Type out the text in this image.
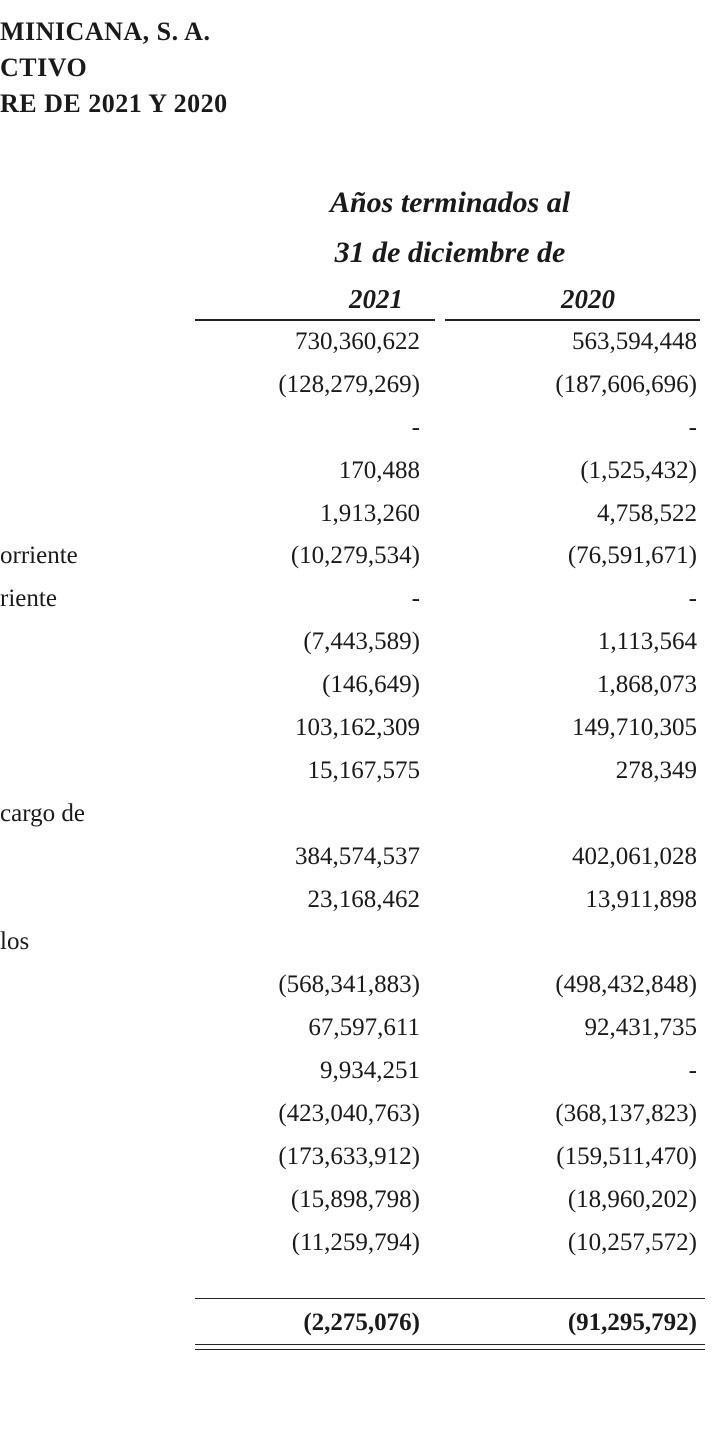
MINICANA, S. A.
CTIVO
RE DE 2021 Y 2020
Años terminados al
31 de diciembre de
2021	2020
730,360,622	563,594,448
(128,279,269)	(187,606,696)
-	-
170,488	(1,525,432)
1,913,260	4,758,522
orriente	(10,279,534)	(76,591,671)
riente	-	-
(7,443,589)	1,113,564
(146,649)	1,868,073
103,162,309	149,710,305
15,167,575	278,349
cargo de
384,574,537	402,061,028
23,168,462	13,911,898
los
(568,341,883)	(498,432,848)
67,597,611	92,431,735
9,934,251	-
(423,040,763)	(368,137,823)
(173,633,912)	(159,511,470)
(15,898,798)	(18,960,202)
(11,259,794)	(10,257,572)
(2,275,076)	(91,295,792)
